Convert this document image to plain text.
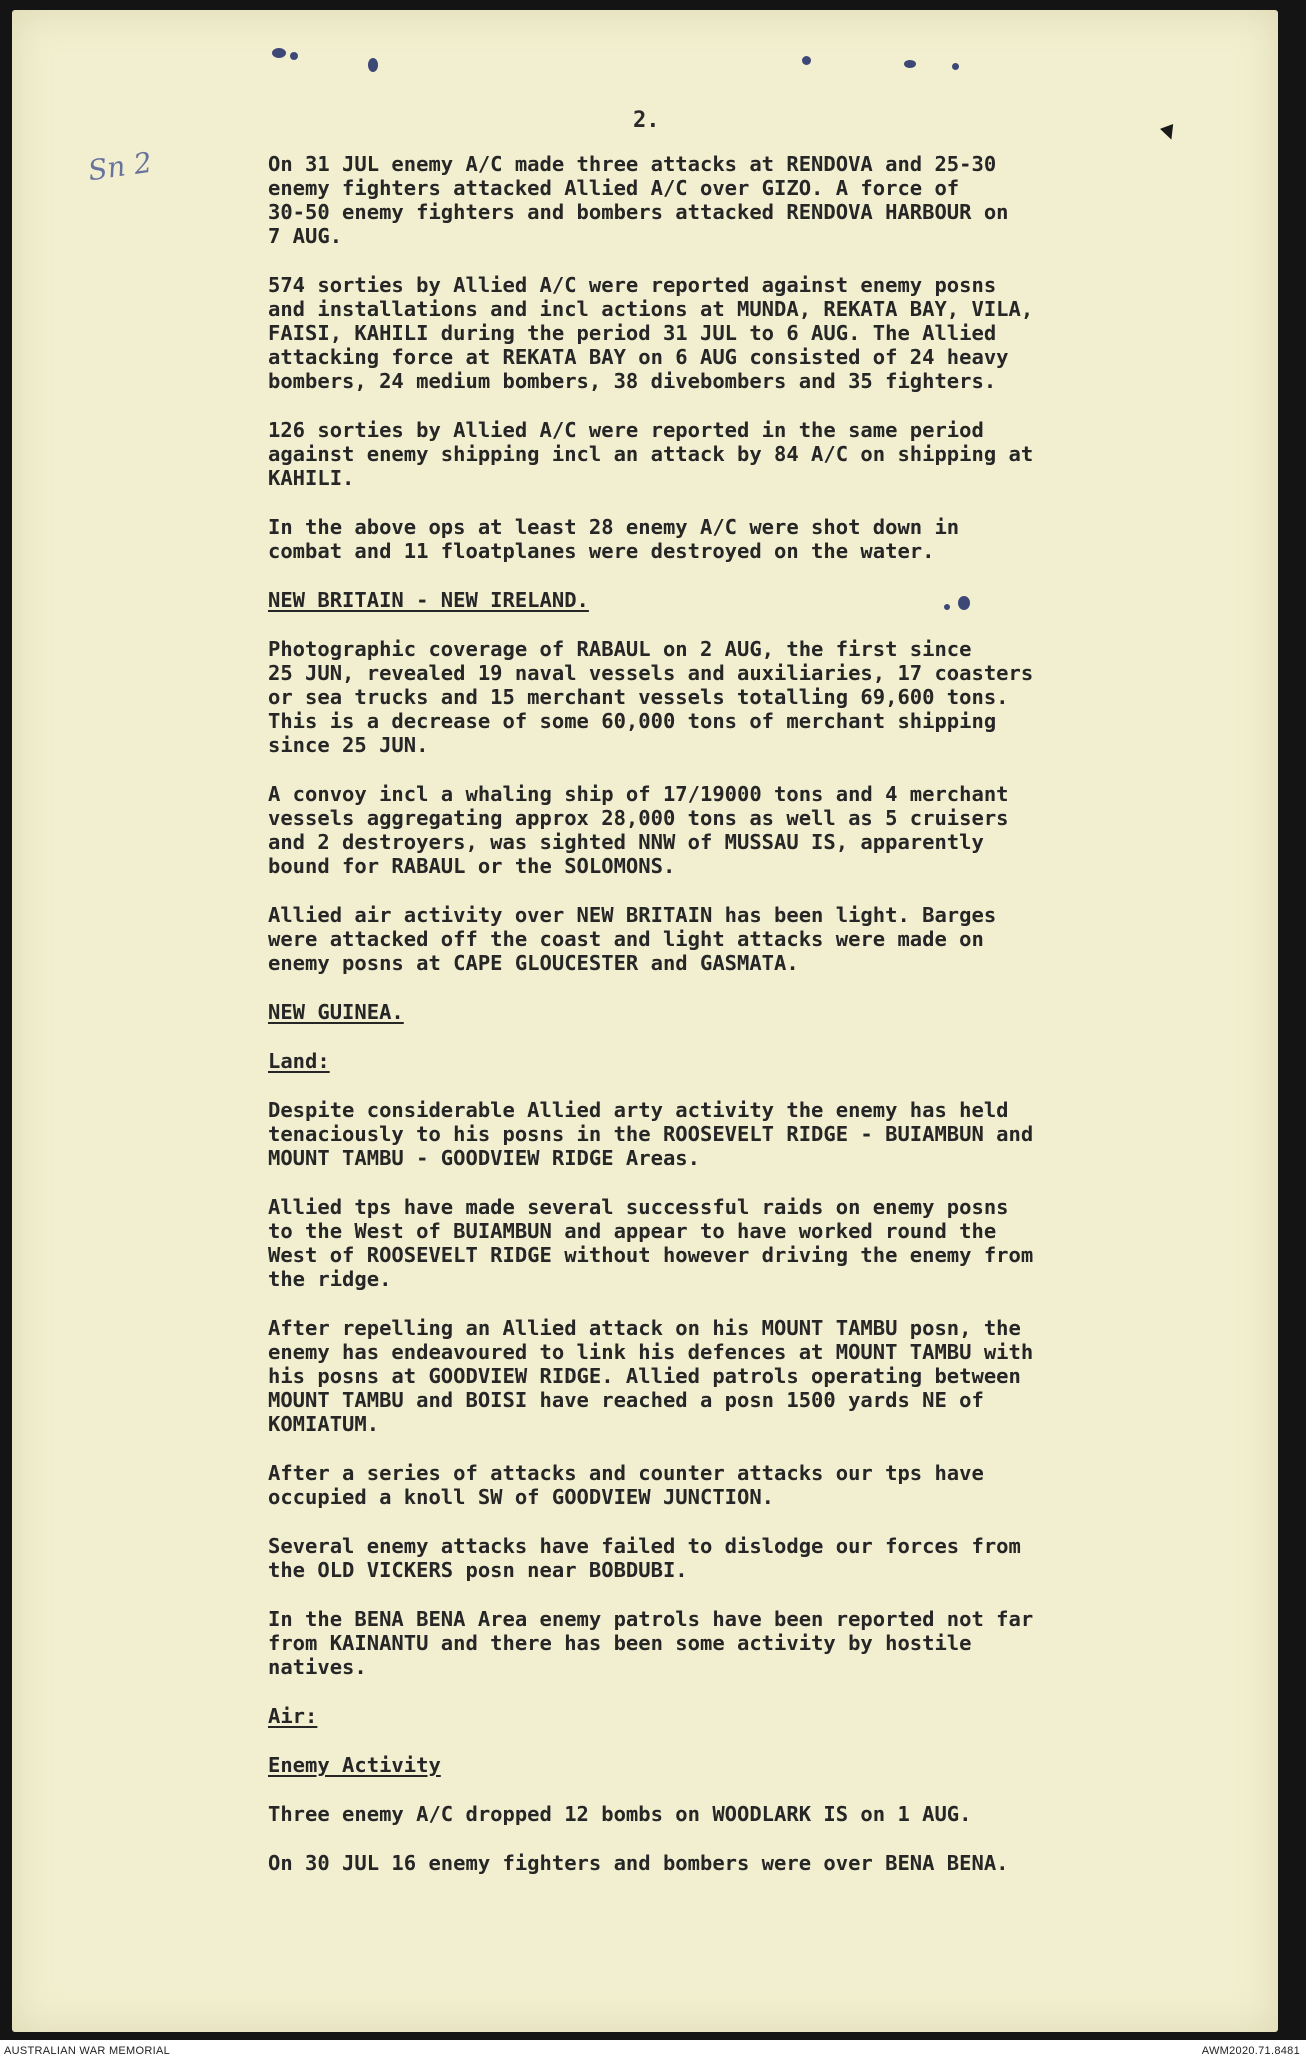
Sn 2
2.
On 31 JUL enemy A/C made three attacks at RENDOVA and 25-30
enemy fighters attacked Allied A/C over GIZO. A force of
30-50 enemy fighters and bombers attacked RENDOVA HARBOUR on
7 AUG.
574 sorties by Allied A/C were reported against enemy posns
and installations and incl actions at MUNDA, REKATA BAY, VILA,
FAISI, KAHILI during the period 31 JUL to 6 AUG. The Allied
attacking force at REKATA BAY on 6 AUG consisted of 24 heavy
bombers, 24 medium bombers, 38 divebombers and 35 fighters.
126 sorties by Allied A/C were reported in the same period
against enemy shipping incl an attack by 84 A/C on shipping at
KAHILI.
In the above ops at least 28 enemy A/C were shot down in
combat and 11 floatplanes were destroyed on the water.
NEW BRITAIN - NEW IRELAND.
Photographic coverage of RABAUL on 2 AUG, the first since
25 JUN, revealed 19 naval vessels and auxiliaries, 17 coasters
or sea trucks and 15 merchant vessels totalling 69,600 tons.
This is a decrease of some 60,000 tons of merchant shipping
since 25 JUN.
A convoy incl a whaling ship of 17/19000 tons and 4 merchant
vessels aggregating approx 28,000 tons as well as 5 cruisers
and 2 destroyers, was sighted NNW of MUSSAU IS, apparently
bound for RABAUL or the SOLOMONS.
Allied air activity over NEW BRITAIN has been light. Barges
were attacked off the coast and light attacks were made on
enemy posns at CAPE GLOUCESTER and GASMATA.
NEW GUINEA.
Land:
Despite considerable Allied arty activity the enemy has held
tenaciously to his posns in the ROOSEVELT RIDGE - BUIAMBUN and
MOUNT TAMBU - GOODVIEW RIDGE Areas.
Allied tps have made several successful raids on enemy posns
to the West of BUIAMBUN and appear to have worked round the
West of ROOSEVELT RIDGE without however driving the enemy from
the ridge.
After repelling an Allied attack on his MOUNT TAMBU posn, the
enemy has endeavoured to link his defences at MOUNT TAMBU with
his posns at GOODVIEW RIDGE. Allied patrols operating between
MOUNT TAMBU and BOISI have reached a posn 1500 yards NE of
KOMIATUM.
After a series of attacks and counter attacks our tps have
occupied a knoll SW of GOODVIEW JUNCTION.
Several enemy attacks have failed to dislodge our forces from
the OLD VICKERS posn near BOBDUBI.
In the BENA BENA Area enemy patrols have been reported not far
from KAINANTU and there has been some activity by hostile
natives.
Air:
Enemy Activity
Three enemy A/C dropped 12 bombs on WOODLARK IS on 1 AUG.
On 30 JUL 16 enemy fighters and bombers were over BENA BENA.
AUSTRALIAN WAR MEMORIAL	AWM2020.71.8481
